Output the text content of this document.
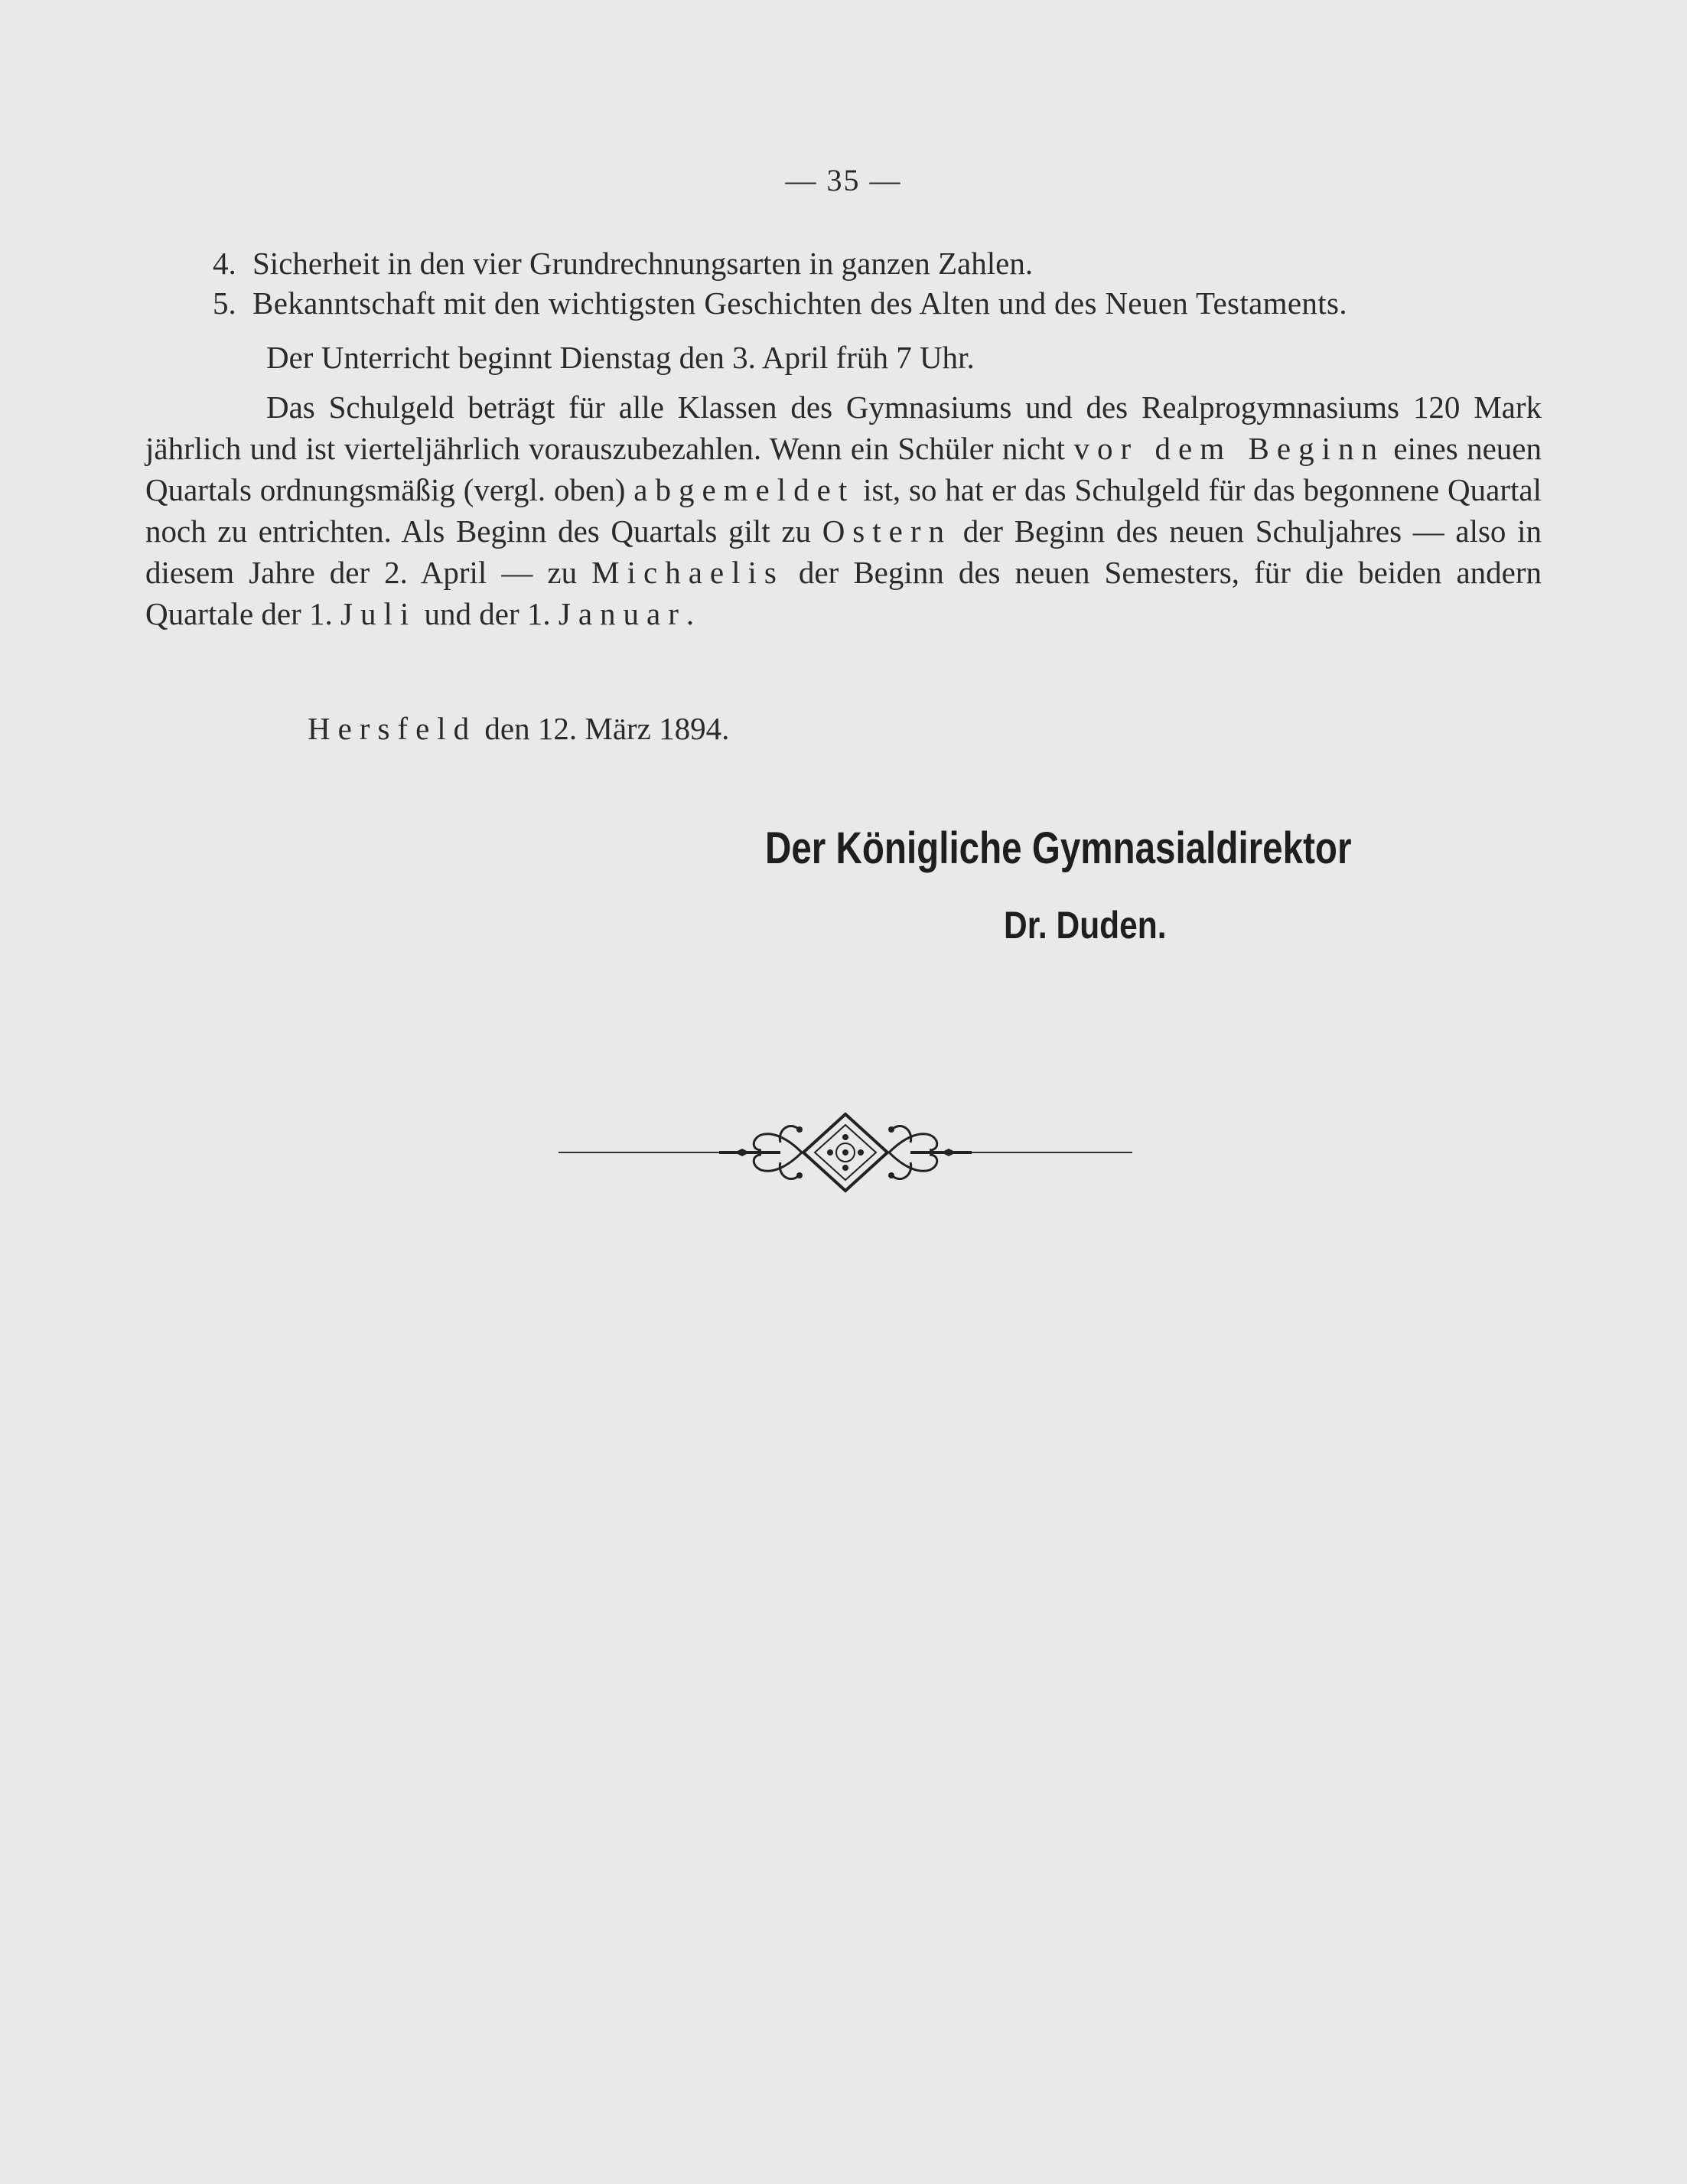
— 35 —
4. Sicherheit in den vier Grundrechnungsarten in ganzen Zahlen.
5. Bekanntschaft mit den wichtigsten Geschichten des Alten und des Neuen Testaments.

Der Unterricht beginnt Dienstag den 3. April früh 7 Uhr.

Das Schulgeld beträgt für alle Klassen des Gymnasiums und des Realprogymnasiums 120 Mark jährlich und ist vierteljährlich vorauszubezahlen. Wenn ein Schüler nicht vor dem Beginn eines neuen Quartals ordnungsmäßig (vergl. oben) abgemeldet ist, so hat er das Schulgeld für das begonnene Quartal noch zu entrichten. Als Beginn des Quartals gilt zu Ostern der Beginn des neuen Schuljahres — also in diesem Jahre der 2. April — zu Michaelis der Beginn des neuen Semesters, für die beiden andern Quartale der 1. Juli und der 1. Januar.

Hersfeld den 12. März 1894.
Der Königliche Gymnasialdirektor
Dr. Duden.
